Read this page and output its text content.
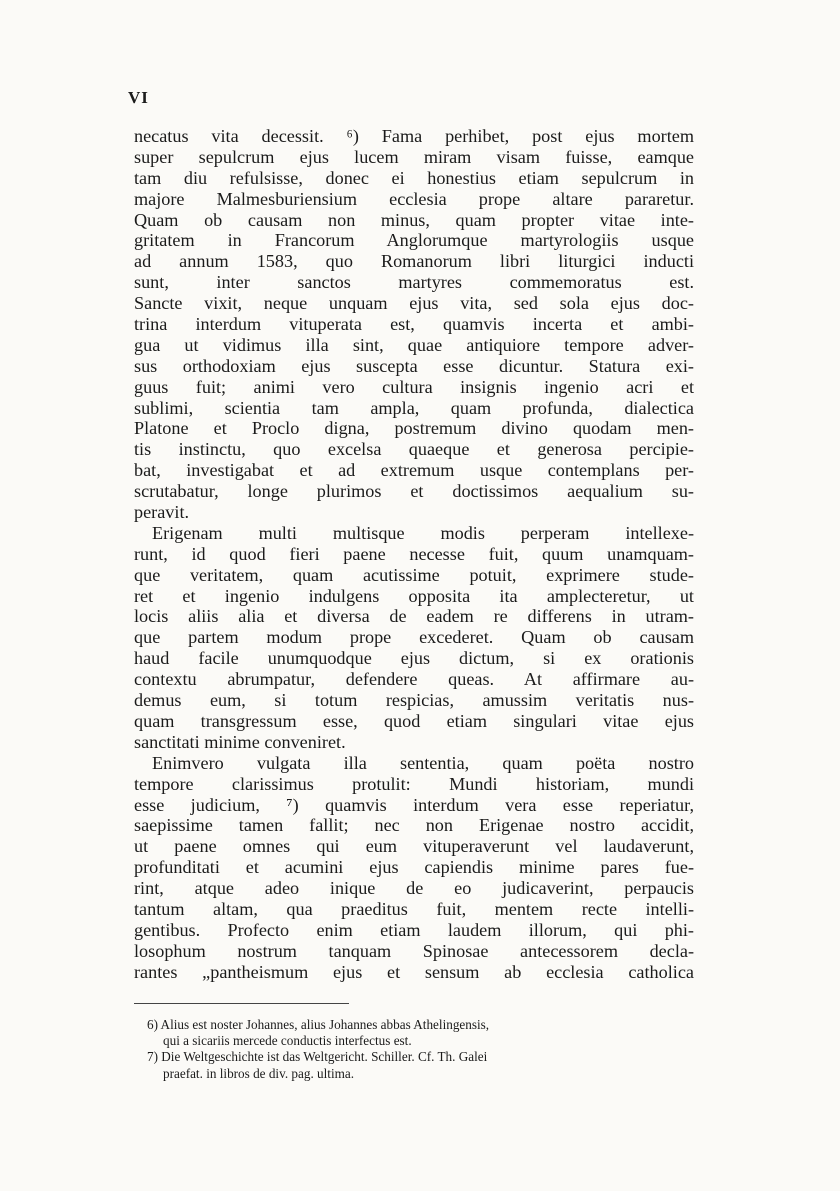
VI
necatus vita decessit. ⁶) Fama perhibet, post ejus mortem
super sepulcrum ejus lucem miram visam fuisse, eamque
tam diu refulsisse, donec ei honestius etiam sepulcrum in
majore Malmesburiensium ecclesia prope altare pararetur.
Quam ob causam non minus, quam propter vitae inte-
gritatem in Francorum Anglorumque martyrologiis usque
ad annum 1583, quo Romanorum libri liturgici inducti
sunt, inter sanctos martyres commemoratus est.
Sancte vixit, neque unquam ejus vita, sed sola ejus doc-
trina interdum vituperata est, quamvis incerta et ambi-
gua ut vidimus illa sint, quae antiquiore tempore adver-
sus orthodoxiam ejus suscepta esse dicuntur. Statura exi-
guus fuit; animi vero cultura insignis ingenio acri et
sublimi, scientia tam ampla, quam profunda, dialectica
Platone et Proclo digna, postremum divino quodam men-
tis instinctu, quo excelsa quaeque et generosa percipie-
bat, investigabat et ad extremum usque contemplans per-
scrutabatur, longe plurimos et doctissimos aequalium su-
peravit.
Erigenam multi multisque modis perperam intellexe-
runt, id quod fieri paene necesse fuit, quum unamquam-
que veritatem, quam acutissime potuit, exprimere stude-
ret et ingenio indulgens opposita ita amplecteretur, ut
locis aliis alia et diversa de eadem re differens in utram-
que partem modum prope excederet. Quam ob causam
haud facile unumquodque ejus dictum, si ex orationis
contextu abrumpatur, defendere queas. At affirmare au-
demus eum, si totum respicias, amussim veritatis nus-
quam transgressum esse, quod etiam singulari vitae ejus
sanctitati minime conveniret.
Enimvero vulgata illa sententia, quam poëta nostro
tempore clarissimus protulit: Mundi historiam, mundi
esse judicium, ⁷) quamvis interdum vera esse reperiatur,
saepissime tamen fallit; nec non Erigenae nostro accidit,
ut paene omnes qui eum vituperaverunt vel laudaverunt,
profunditati et acumini ejus capiendis minime pares fue-
rint, atque adeo inique de eo judicaverint, perpaucis
tantum altam, qua praeditus fuit, mentem recte intelli-
gentibus. Profecto enim etiam laudem illorum, qui phi-
losophum nostrum tanquam Spinosae antecessorem decla-
rantes „pantheismum ejus et sensum ab ecclesia catholica
6) Alius est noster Johannes, alius Johannes abbas Athelingensis,
qui a sicariis mercede conductis interfectus est.
7) Die Weltgeschichte ist das Weltgericht. Schiller. Cf. Th. Galei
praefat. in libros de div. pag. ultima.
